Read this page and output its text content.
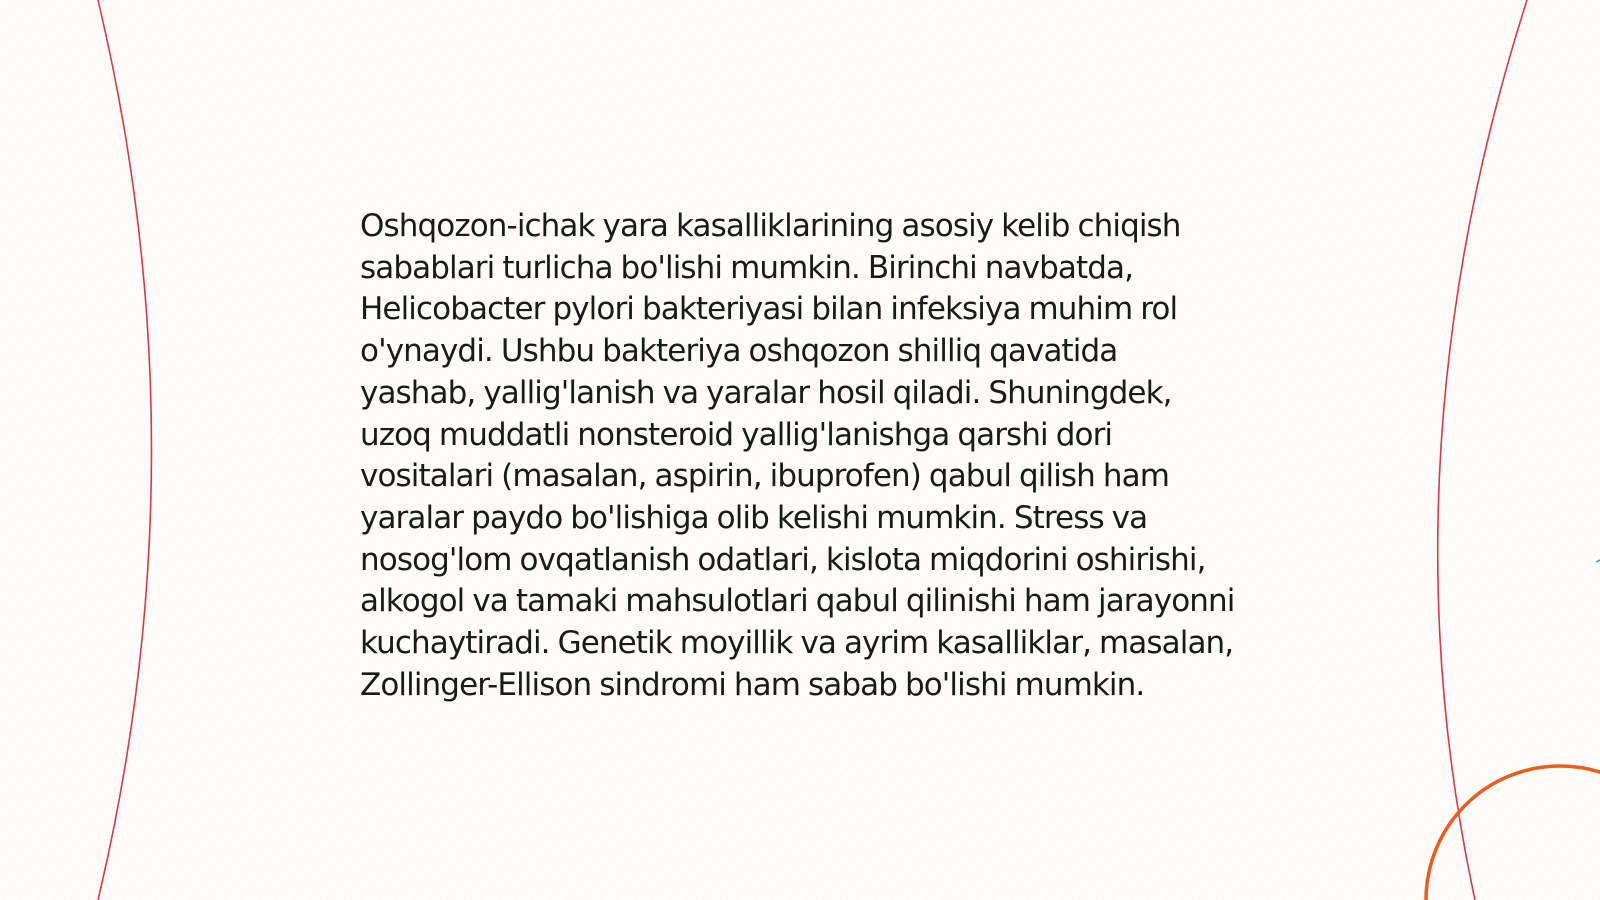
Oshqozon-ichak yara kasalliklarining asosiy kelib chiqish sabablari turlicha bo'lishi mumkin. Birinchi navbatda, Helicobacter pylori bakteriyasi bilan infeksiya muhim rol o'ynaydi. Ushbu bakteriya oshqozon shilliq qavatida yashab, yallig'lanish va yaralar hosil qiladi. Shuningdek, uzoq muddatli nonsteroid yallig'lanishga qarshi dori vositalari (masalan, aspirin, ibuprofen) qabul qilish ham yaralar paydo bo'lishiga olib kelishi mumkin. Stress va nosog'lom ovqatlanish odatlari, kislota miqdorini oshirishi, alkogol va tamaki mahsulotlari qabul qilinishi ham jarayonni kuchaytiradi. Genetik moyillik va ayrim kasalliklar, masalan, Zollinger-Ellison sindromi ham sabab bo'lishi mumkin.
